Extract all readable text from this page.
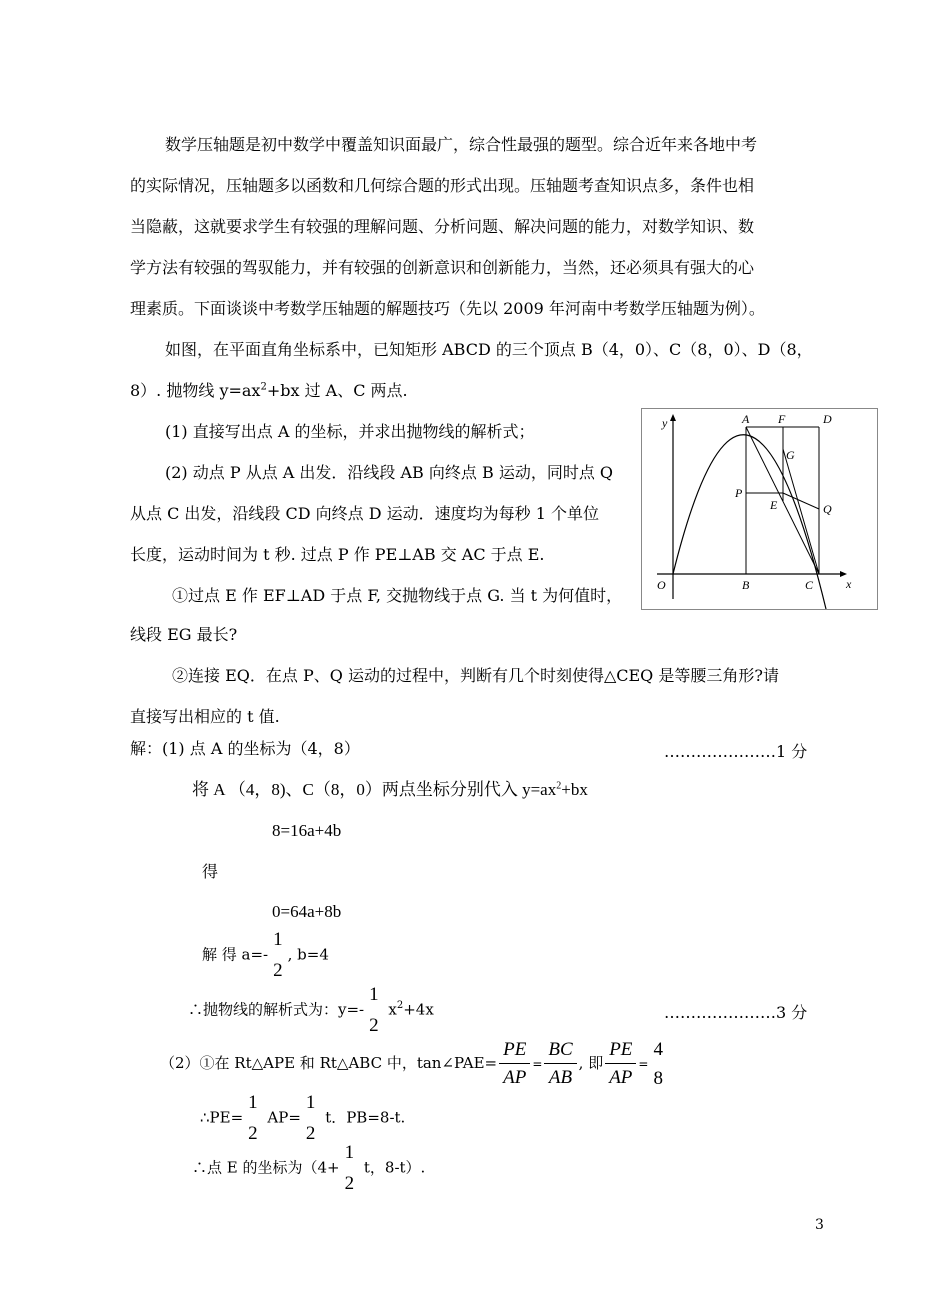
数学压轴题是初中数学中覆盖知识面最广，综合性最强的题型。综合近年来各地中考
的实际情况，压轴题多以函数和几何综合题的形式出现。压轴题考查知识点多，条件也相
当隐蔽，这就要求学生有较强的理解问题、分析问题、解决问题的能力，对数学知识、数
学方法有较强的驾驭能力，并有较强的创新意识和创新能力，当然，还必须具有强大的心
理素质。下面谈谈中考数学压轴题的解题技巧（先以 2009 年河南中考数学压轴题为例）。
如图，在平面直角坐标系中，已知矩形 ABCD 的三个顶点 B（4，0）、C（8，0）、D（8，
8）. 抛物线 $y=ax^2+bx$ 过 A、C 两点.
(1) 直接写出点 A 的坐标，并求出抛物线的解析式；
(2) 动点 P 从点 A 出发．沿线段 AB 向终点 B 运动，同时点 Q
从点 C 出发，沿线段 CD 向终点 D 运动．速度均为每秒 1 个单位
长度，运动时间为 t 秒. 过点 P 作 PE⊥AB 交 AC 于点 E.
①过点 E 作 EF⊥AD 于点 F, 交抛物线于点 G. 当 t 为何值时，
线段 EG 最长?
②连接 EQ．在点 P、Q 运动的过程中，判断有几个时刻使得△CEQ 是等腰三角形?请
直接写出相应的 t 值.
y
x
O
A
B	C
D
F
G
P
E	Q
解：(1) 点 A 的坐标为（4，8）	…………………1 分
将 A （4，8)、C（8，0）两点坐标分别代入 $y=ax^2+bx$
8=16a+4b
得
0=64a+8b
解 得 a=-
1
2
, b=4
∴抛物线的解析式为：y=-
1
2
$x^2+4x$	…………………3 分
（2）①在 Rt△APE 和 Rt△ABC 中，tan∠PAE= $\frac{PE}{AP} = \frac{BC}{AB}$ , 即 $\frac{PE}{AP}$ =
4
8
∴PE=
1
2
AP=
1
2
t．PB=8-t.
∴点 E 的坐标为（4+
1
2
t，8-t）.
3
